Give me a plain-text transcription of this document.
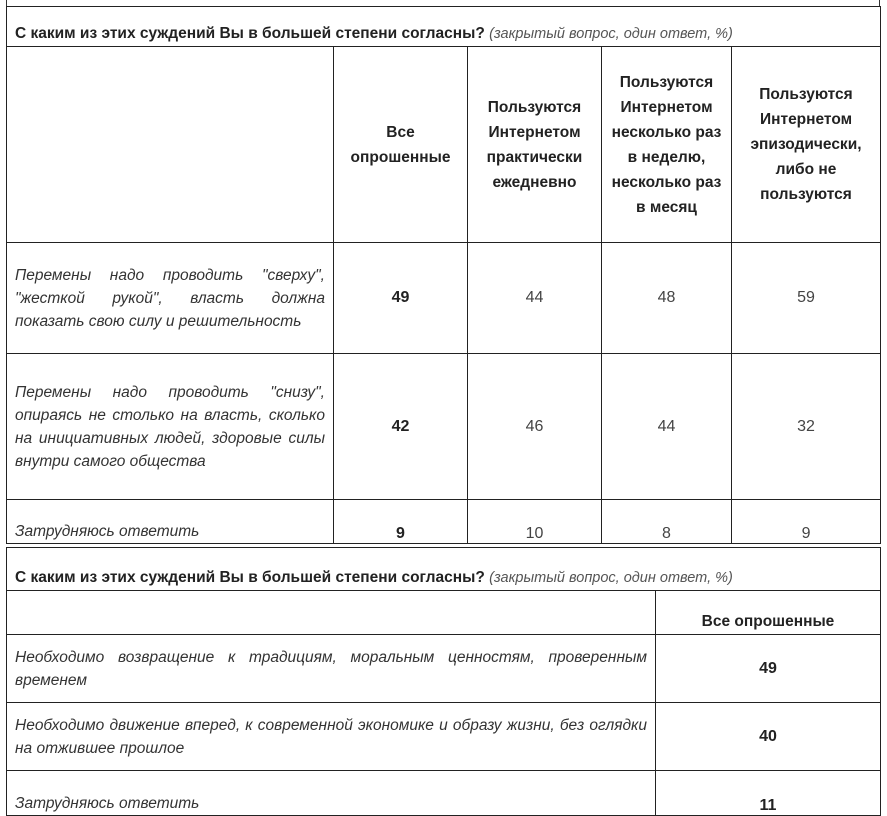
С каким из этих суждений Вы в большей степени согласны? (закрытый вопрос, один ответ, %)				
	Все опрошенные	Пользуются Интернетом практически ежедневно	Пользуются Интернетом несколько раз в неделю, несколько раз в месяц	Пользуются Интернетом эпизодически, либо не пользуются
Перемены надо проводить "сверху", "жесткой рукой", власть должна показать свою силу и решительность	49	44	48	59
Перемены надо проводить "снизу", опираясь не столько на власть, сколько на инициативных людей, здоровые силы внутри самого общества	42	46	44	32
Затрудняюсь ответить	9	10	8	9
С каким из этих суждений Вы в большей степени согласны? (закрытый вопрос, один ответ, %)	
	Все опрошенные
Необходимо возвращение к традициям, моральным ценностям, проверенным временем	49
Необходимо движение вперед, к современной экономике и образу жизни, без оглядки на отжившее прошлое	40
Затрудняюсь ответить	11
